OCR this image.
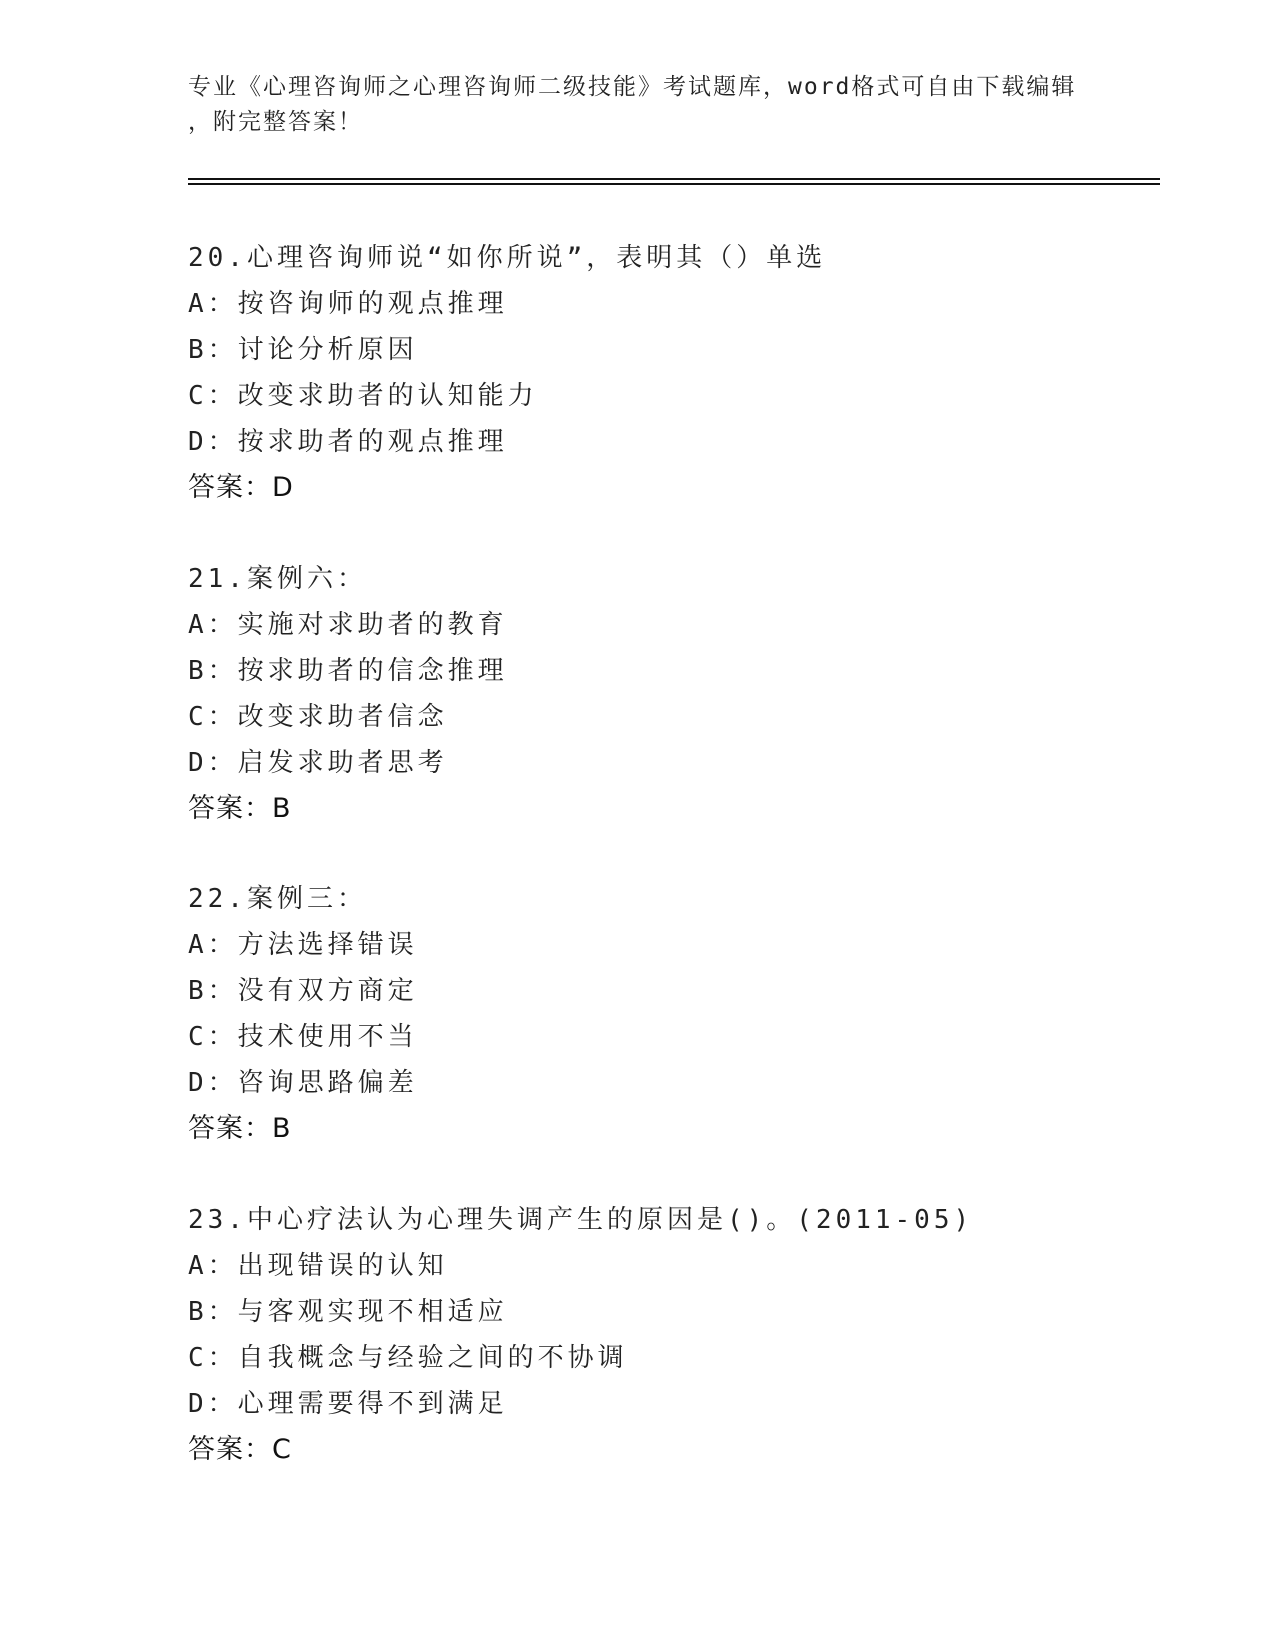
专业《心理咨询师之心理咨询师二级技能》考试题库，word格式可自由下载编辑
，附完整答案！
20.心理咨询师说“如你所说”，表明其（）单选
A：按咨询师的观点推理
B：讨论分析原因
C：改变求助者的认知能力
D：按求助者的观点推理
答案：D
21.案例六：
A：实施对求助者的教育
B：按求助者的信念推理
C：改变求助者信念
D：启发求助者思考
答案：B
22.案例三：
A：方法选择错误
B：没有双方商定
C：技术使用不当
D：咨询思路偏差
答案：B
23.中心疗法认为心理失调产生的原因是()。(2011-05)
A：出现错误的认知
B：与客观实现不相适应
C：自我概念与经验之间的不协调
D：心理需要得不到满足
答案：C
